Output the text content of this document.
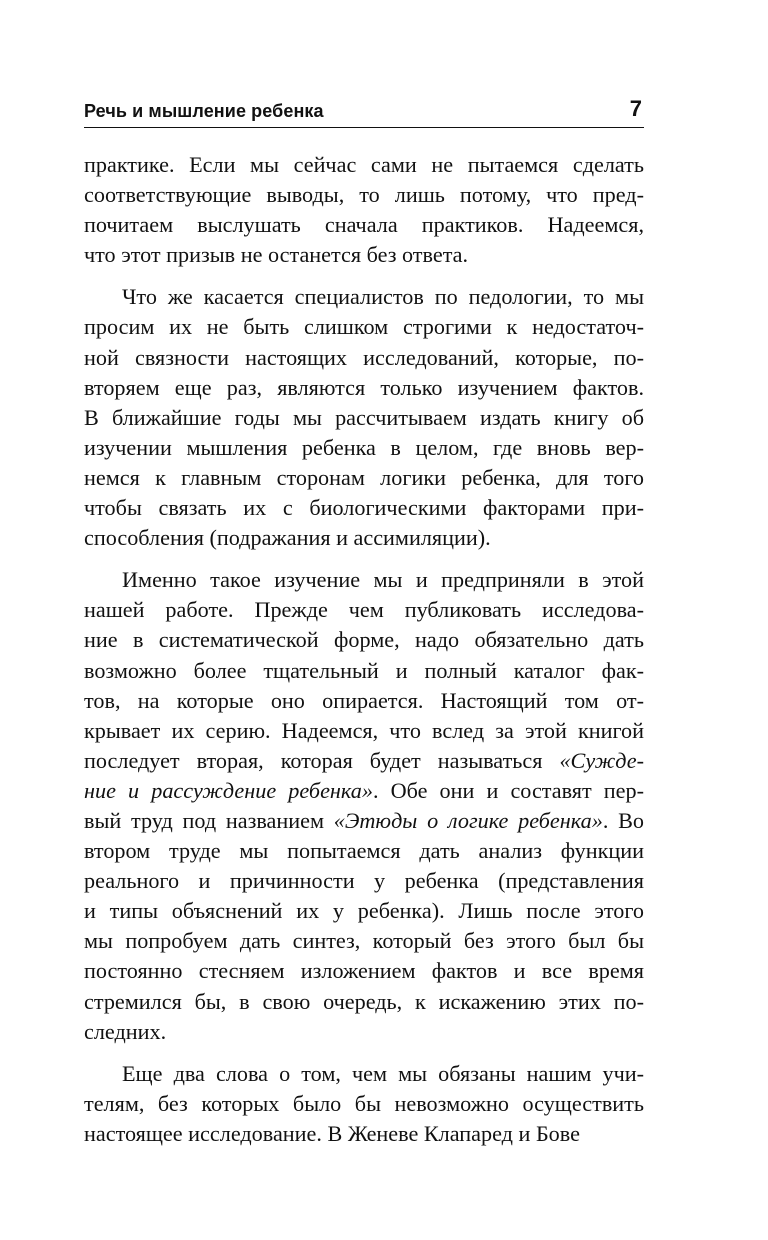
Речь и мышление ребенка	7
практике. Если мы сейчас сами не пытаемся сделать
соответствующие выводы, то лишь потому, что пред-
почитаем выслушать сначала практиков. Надеемся,
что этот призыв не останется без ответа.
Что же касается специалистов по педологии, то мы
просим их не быть слишком строгими к недостаточ-
ной связности настоящих исследований, которые, по-
вторяем еще раз, являются только изучением фактов.
В ближайшие годы мы рассчитываем издать книгу об
изучении мышления ребенка в целом, где вновь вер-
немся к главным сторонам логики ребенка, для того
чтобы связать их с биологическими факторами при-
способления (подражания и ассимиляции).
Именно такое изучение мы и предприняли в этой
нашей работе. Прежде чем публиковать исследова-
ние в систематической форме, надо обязательно дать
возможно более тщательный и полный каталог фак-
тов, на которые оно опирается. Настоящий том от-
крывает их серию. Надеемся, что вслед за этой книгой
последует вторая, которая будет называться «Сужде-
ние и рассуждение ребенка». Обе они и составят пер-
вый труд под названием «Этюды о логике ребенка». Во
втором труде мы попытаемся дать анализ функции
реального и причинности у ребенка (представления
и типы объяснений их у ребенка). Лишь после этого
мы попробуем дать синтез, который без этого был бы
постоянно стесняем изложением фактов и все время
стремился бы, в свою очередь, к искажению этих по-
следних.
Еще два слова о том, чем мы обязаны нашим учи-
телям, без которых было бы невозможно осуществить
настоящее исследование. В Женеве Клапаред и Бове
